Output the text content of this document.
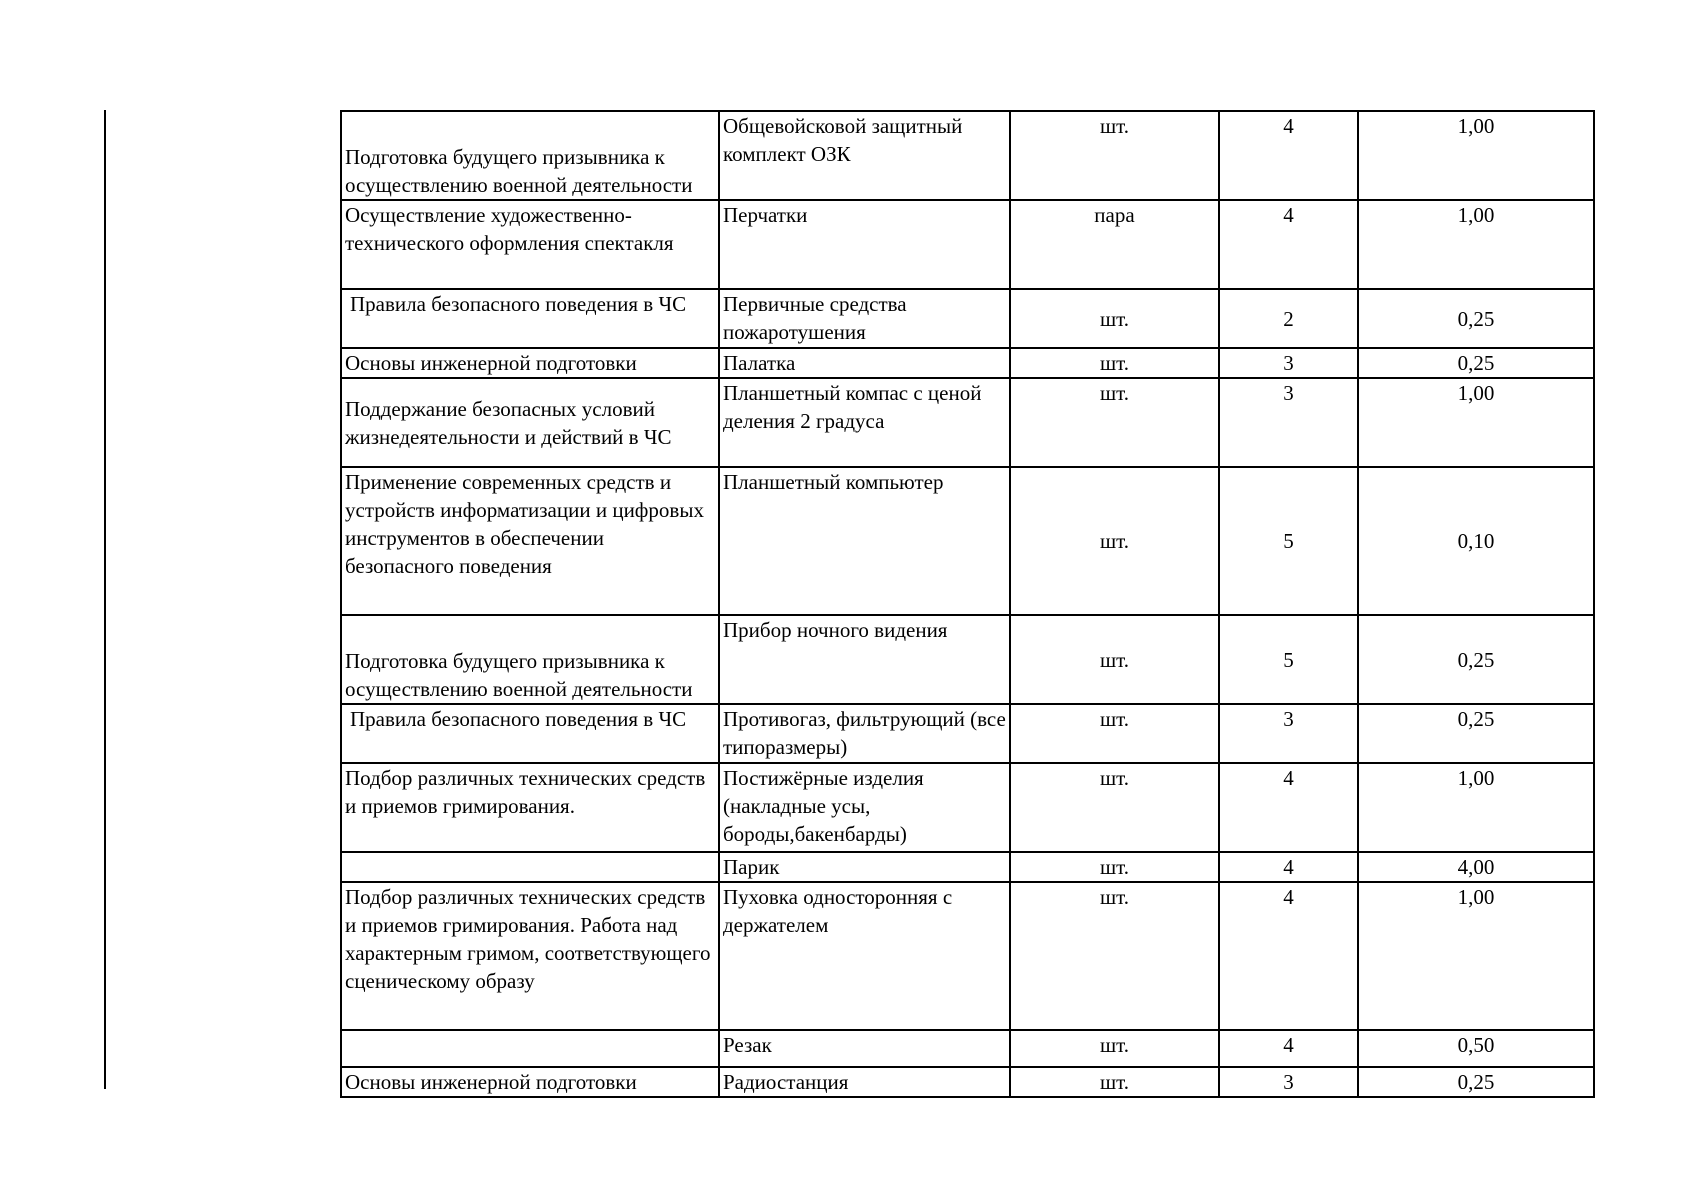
Подготовка будущего призывника к осуществлению военной деятельности	Общевойсковой защитный комплект ОЗК	шт.	4	1,00
Осуществление художественно-технического оформления спектакля	Перчатки	пара	4	1,00
Правила безопасного поведения в ЧС	Первичные средства пожаротушения	шт.	2	0,25
Основы инженерной подготовки	Палатка	шт.	3	0,25
Поддержание безопасных условий жизнедеятельности и действий в ЧС	Планшетный компас с ценой деления 2 градуса	шт.	3	1,00
Применение современных средств и устройств информатизации и цифровых инструментов в обеспечении безопасного поведения	Планшетный компьютер	шт.	5	0,10
Подготовка будущего призывника к осуществлению военной деятельности	Прибор ночного видения	шт.	5	0,25
Правила безопасного поведения в ЧС	Противогаз, фильтрующий (все типоразмеры)	шт.	3	0,25
Подбор различных технических средств и приемов гримирования.	Постижёрные изделия (накладные усы, бороды,бакенбарды)	шт.	4	1,00
	Парик	шт.	4	4,00
Подбор различных технических средств и приемов гримирования. Работа над характерным гримом, соответствующего сценическому образу	Пуховка односторонняя с держателем	шт.	4	1,00
	Резак	шт.	4	0,50
Основы инженерной подготовки	Радиостанция	шт.	3	0,25
